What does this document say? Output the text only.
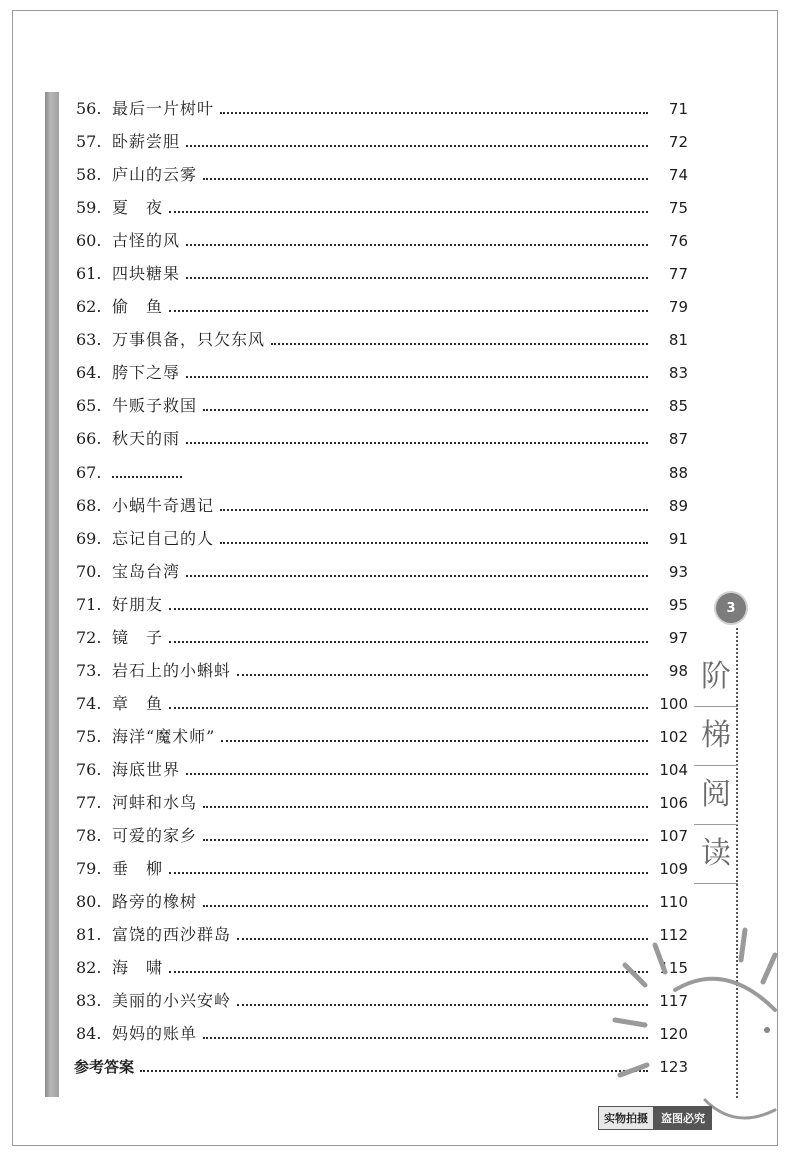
56. 最后一片树叶	71
57. 卧薪尝胆	72
58. 庐山的云雾	74
59. 夏　夜	75
60. 古怪的风	76
61. 四块糖果	77
62. 偷　鱼	79
63. 万事俱备，只欠东风	81
64. 胯下之辱	83
65. 牛贩子救国	85
66. 秋天的雨	87
67.	88
68. 小蜗牛奇遇记	89
69. 忘记自己的人	91
70. 宝岛台湾	93
71. 好朋友	95
72. 镜　子	97
73. 岩石上的小蝌蚪	98
74. 章　鱼	100
75. 海洋“魔术师”	102
76. 海底世界	104
77. 河蚌和水鸟	106
78. 可爱的家乡	107
79. 垂　柳	109
80. 路旁的橡树	110
81. 富饶的西沙群岛	112
82. 海　啸	115
83. 美丽的小兴安岭	117
84. 妈妈的账单	120
参考答案	123
3
阶
梯
阅
读
实物拍摄	盗图必究
